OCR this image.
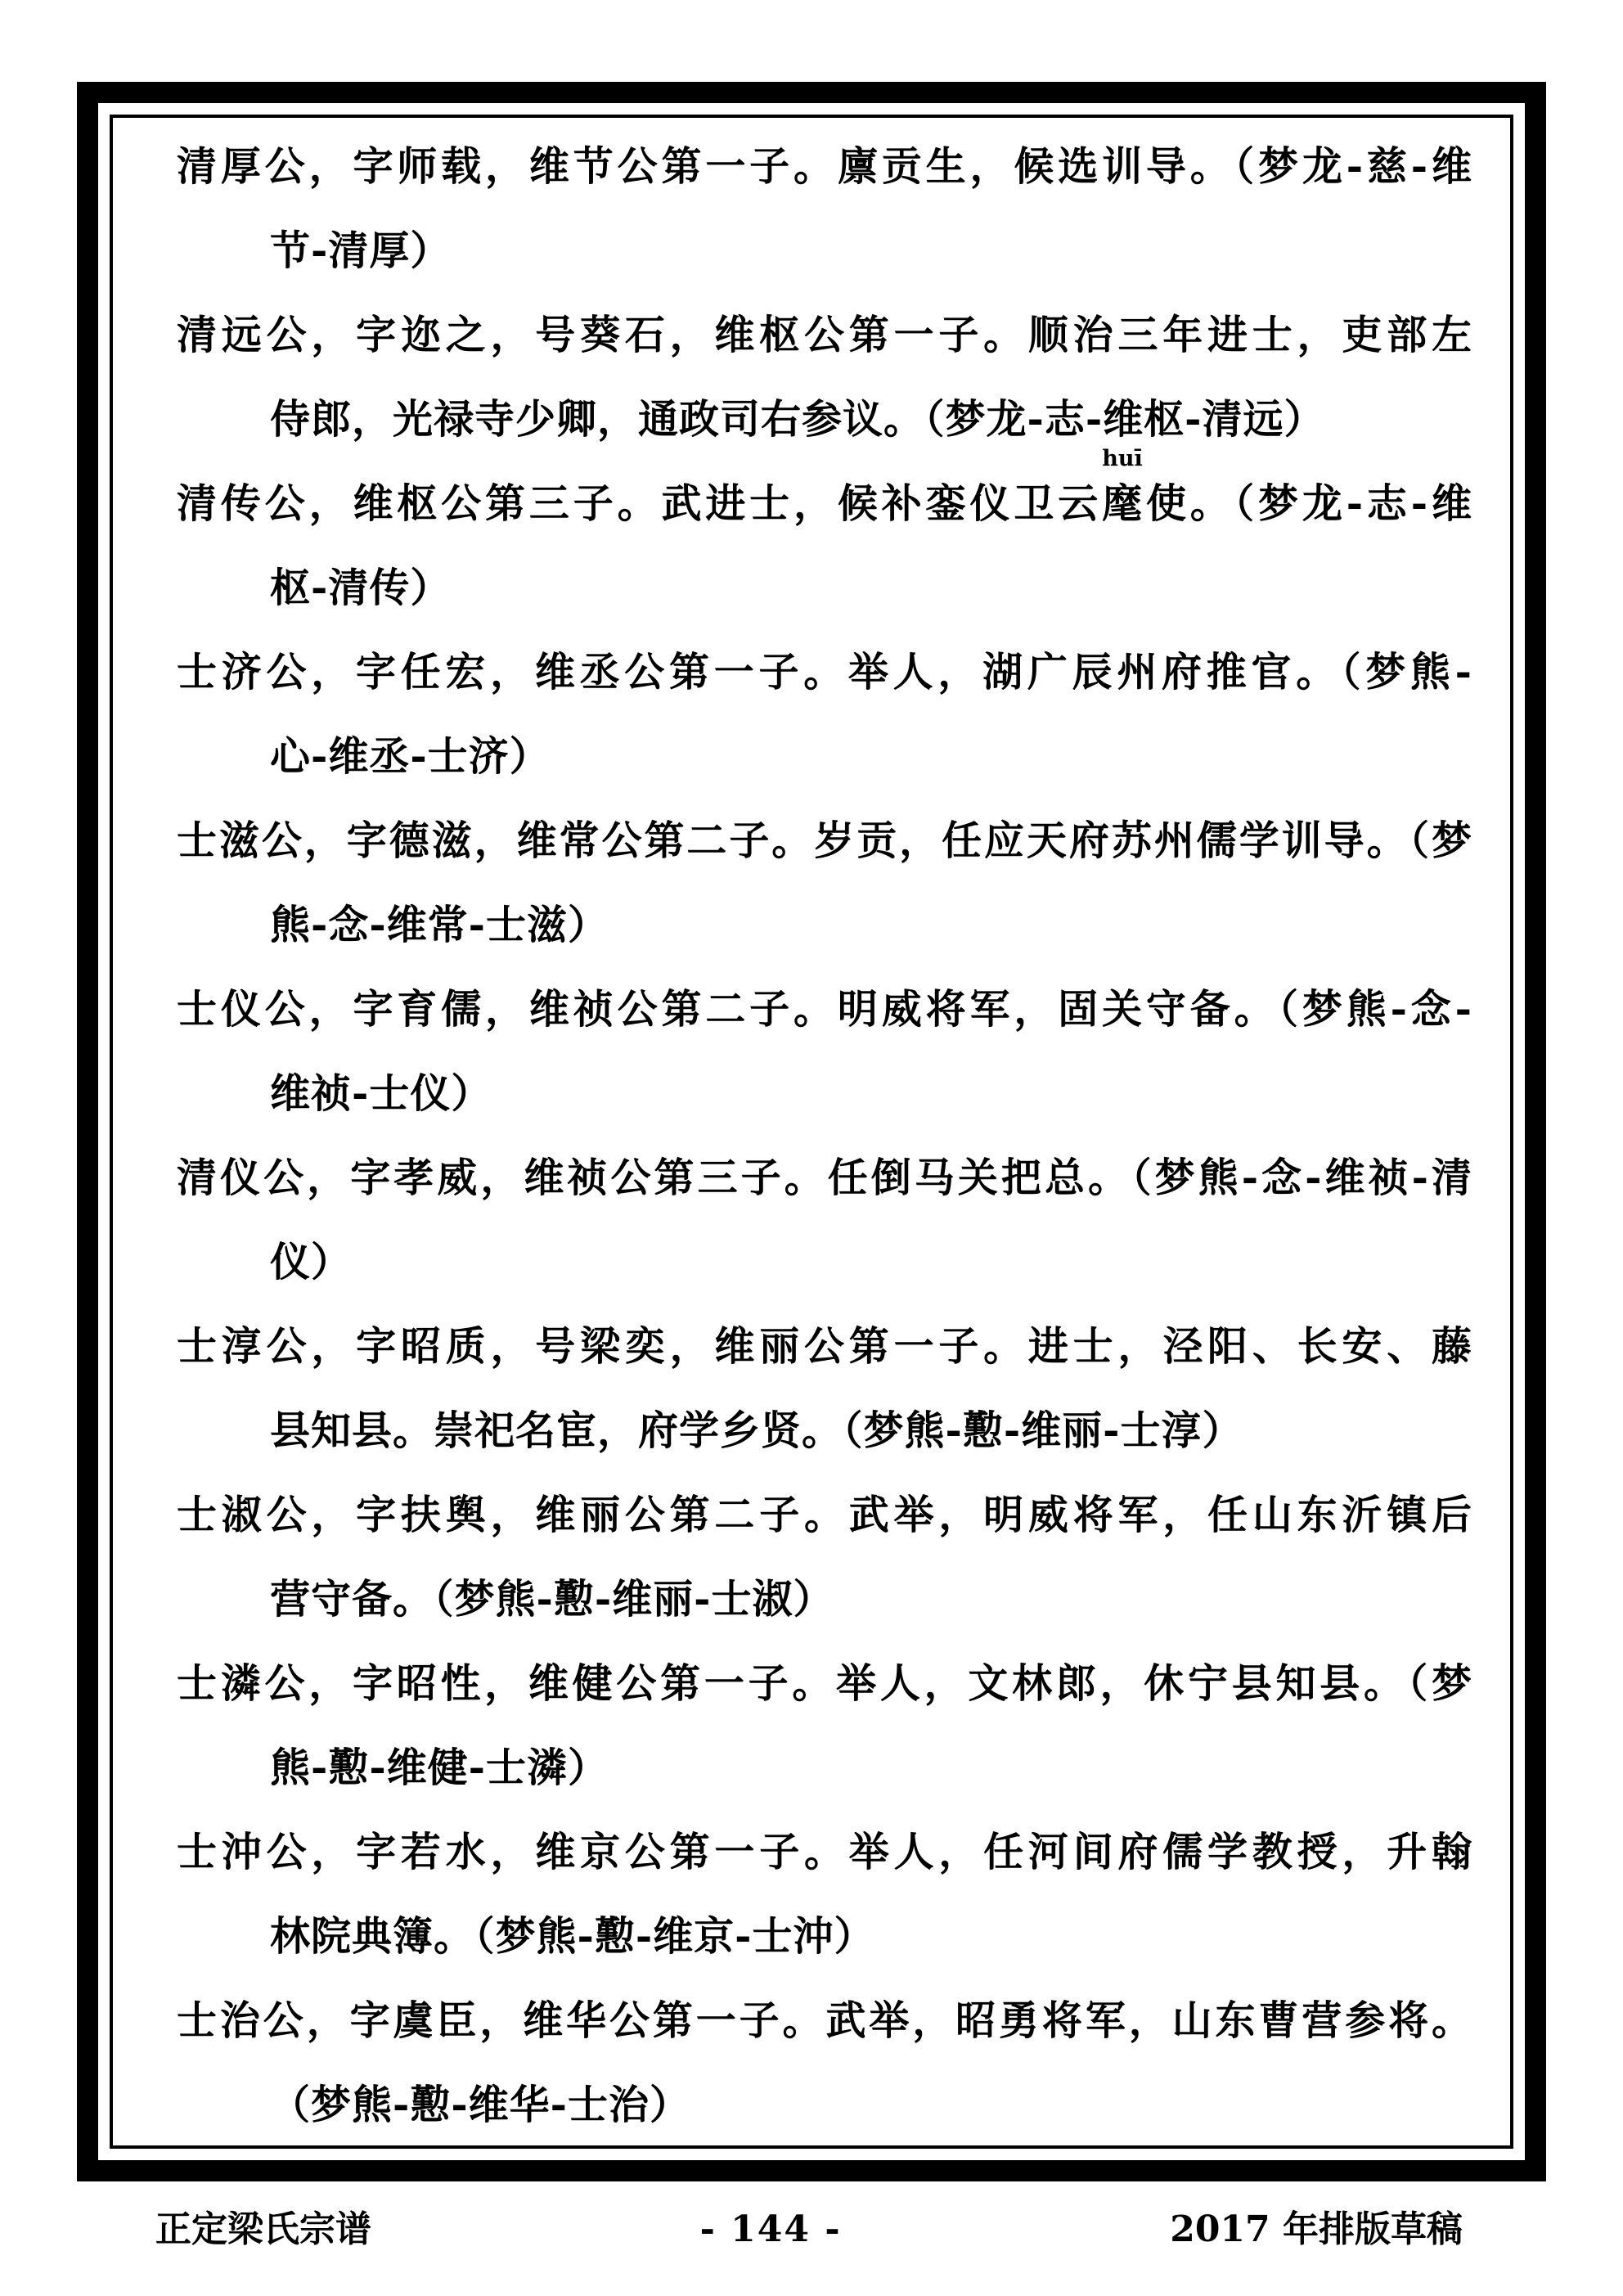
清厚公，字师载，维节公第一子。廪贡生，候选训导。（梦龙-慈-维
节-清厚）
清远公，字迩之，号葵石，维枢公第一子。顺治三年进士，吏部左
侍郎，光禄寺少卿，通政司右参议。（梦龙-志-维枢-清远）
清传公，维枢公第三子。武进士，候补銮仪卫云
huī
麾使。（梦龙-志-维
枢-清传）
士济公，字任宏，维丞公第一子。举人，湖广辰州府推官。（梦熊-
心-维丞-士济）
士滋公，字德滋，维常公第二子。岁贡，任应天府苏州儒学训导。（梦
熊-念-维常-士滋）
士仪公，字育儒，维祯公第二子。明威将军，固关守备。（梦熊-念-
维祯-士仪）
清仪公，字孝威，维祯公第三子。任倒马关把总。（梦熊-念-维祯-清
仪）
士淳公，字昭质，号梁奕，维丽公第一子。进士，泾阳、长安、藤
县知县。崇祀名宦，府学乡贤。（梦熊-懃-维丽-士淳）
士淑公，字扶舆，维丽公第二子。武举，明威将军，任山东沂镇后
营守备。（梦熊-懃-维丽-士淑）
士潾公，字昭性，维健公第一子。举人，文林郎，休宁县知县。（梦
熊-懃-维健-士潾）
士沖公，字若水，维京公第一子。举人，任河间府儒学教授，升翰
林院典簿。（梦熊-懃-维京-士沖）
士治公，字虞臣，维华公第一子。武举，昭勇将军，山东曹营参将。
（梦熊-懃-维华-士治）
正定梁氏宗谱	- 144 -	2017 年排版草稿
